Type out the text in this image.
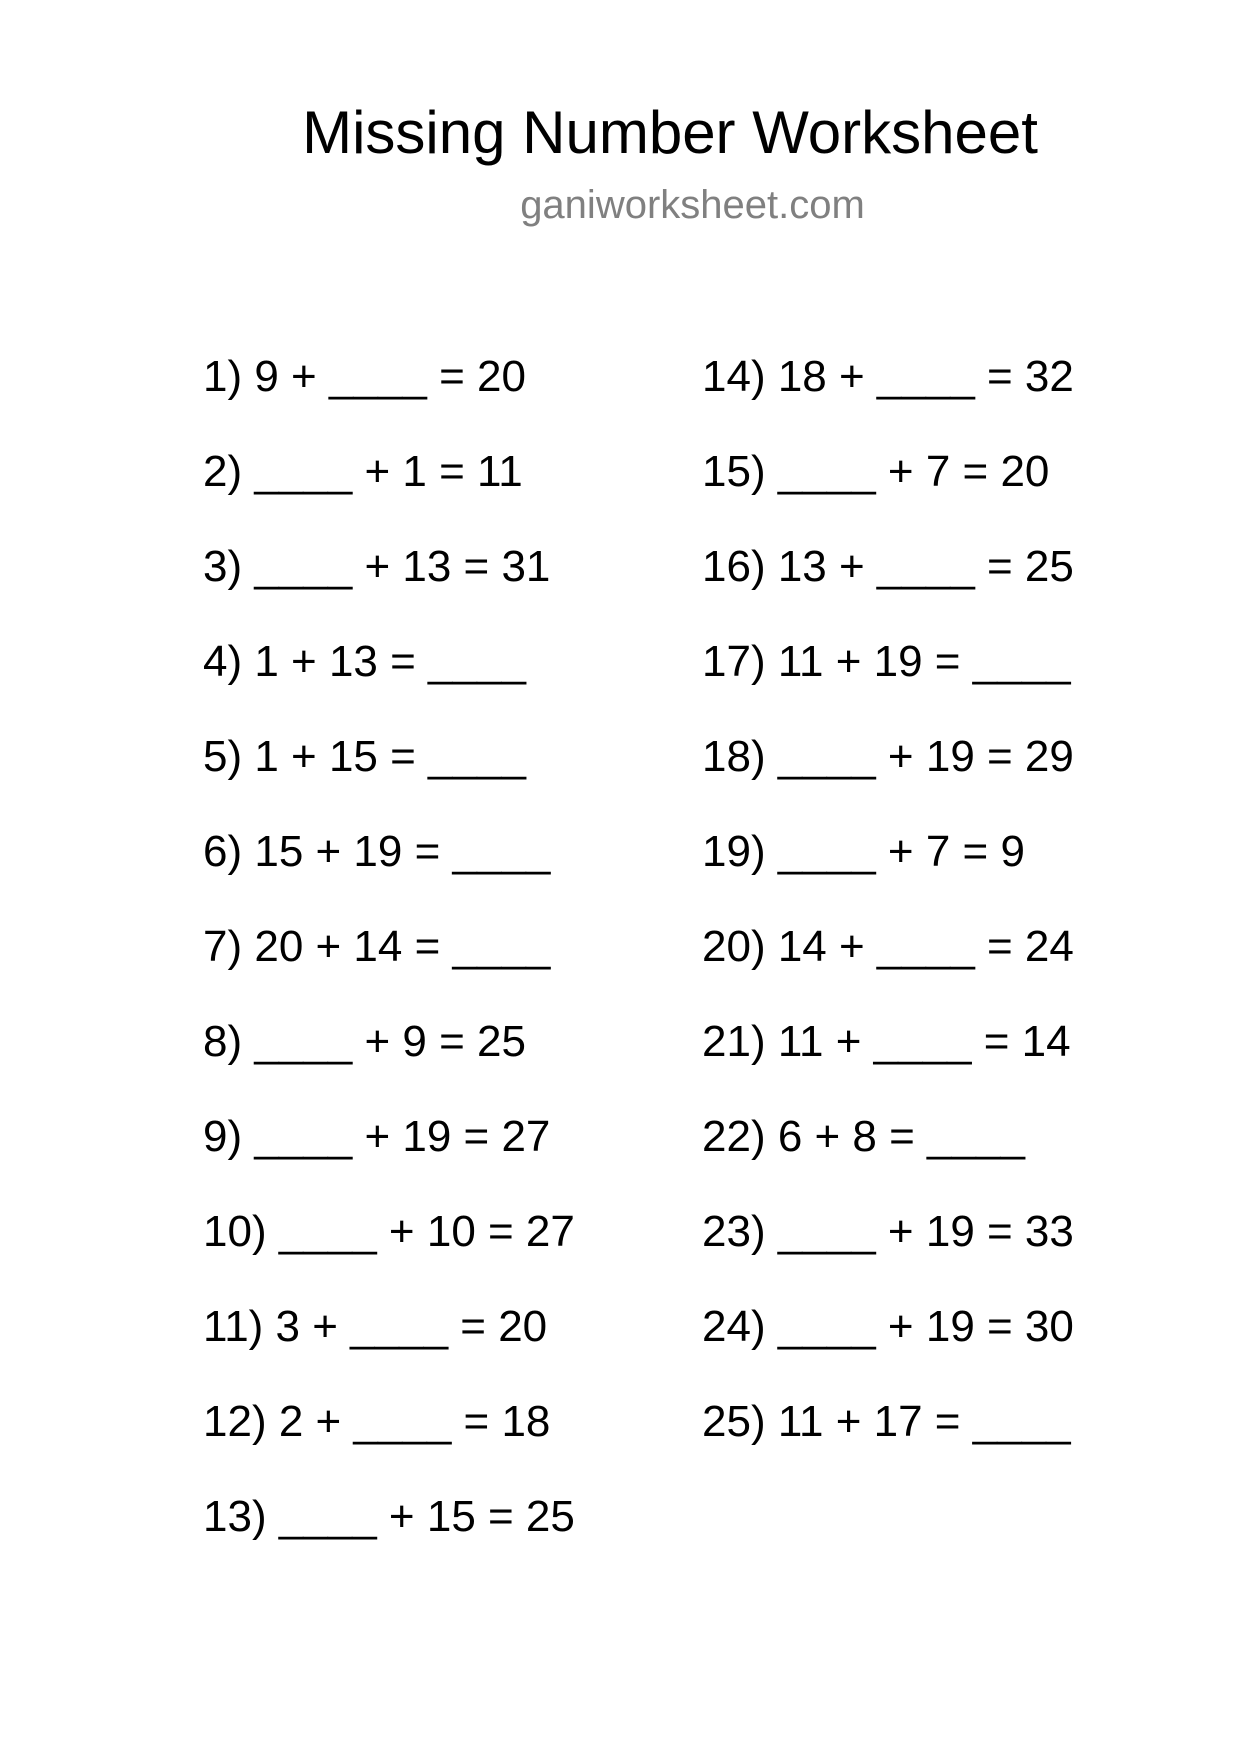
Missing Number Worksheet
ganiworksheet.com
1) 9 + ____ = 20
2) ____ + 1 = 11
3) ____ + 13 = 31
4) 1 + 13 = ____
5) 1 + 15 = ____
6) 15 + 19 = ____
7) 20 + 14 = ____
8) ____ + 9 = 25
9) ____ + 19 = 27
10) ____ + 10 = 27
11) 3 + ____ = 20
12) 2 + ____ = 18
13) ____ + 15 = 25
14) 18 + ____ = 32
15) ____ + 7 = 20
16) 13 + ____ = 25
17) 11 + 19 = ____
18) ____ + 19 = 29
19) ____ + 7 = 9
20) 14 + ____ = 24
21) 11 + ____ = 14
22) 6 + 8 = ____
23) ____ + 19 = 33
24) ____ + 19 = 30
25) 11 + 17 = ____
